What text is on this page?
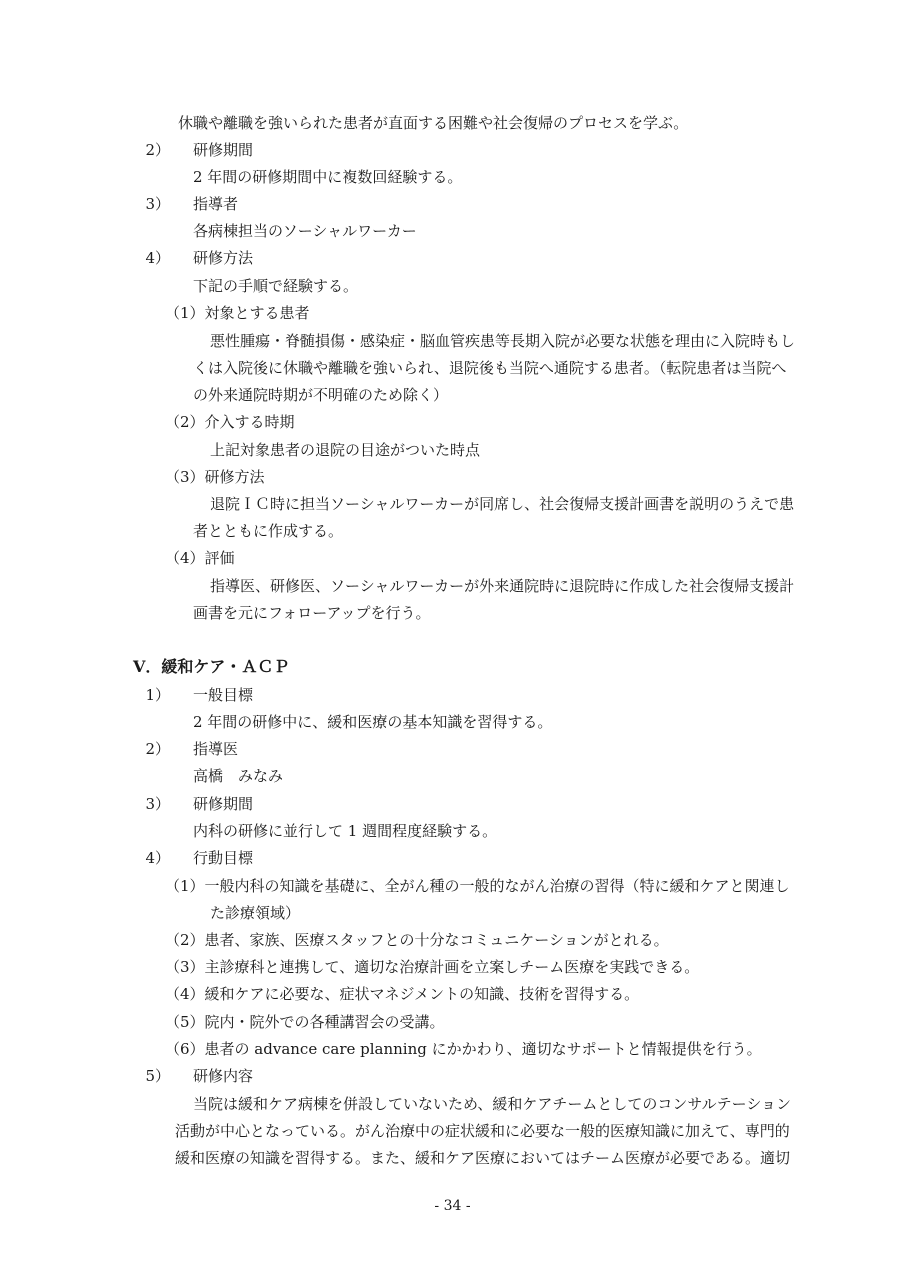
休職や離職を強いられた患者が直面する困難や社会復帰のプロセスを学ぶ。
2） 研修期間
2 年間の研修期間中に複数回経験する。
3） 指導者
各病棟担当のソーシャルワーカー
4） 研修方法
下記の手順で経験する。
（1）対象とする患者
悪性腫瘍・脊髄損傷・感染症・脳血管疾患等長期入院が必要な状態を理由に入院時もし
くは入院後に休職や離職を強いられ、退院後も当院へ通院する患者。（転院患者は当院へ
の外来通院時期が不明確のため除く）
（2）介入する時期
上記対象患者の退院の目途がついた時点
（3）研修方法
退院ＩＣ時に担当ソーシャルワーカーが同席し、社会復帰支援計画書を説明のうえで患
者とともに作成する。
（4）評価
指導医、研修医、ソーシャルワーカーが外来通院時に退院時に作成した社会復帰支援計
画書を元にフォローアップを行う。
V．緩和ケア・ＡＣＰ
1） 一般目標
2 年間の研修中に、緩和医療の基本知識を習得する。
2） 指導医
高橋　みなみ
3） 研修期間
内科の研修に並行して 1 週間程度経験する。
4） 行動目標
（1）一般内科の知識を基礎に、全がん種の一般的ながん治療の習得（特に緩和ケアと関連し
た診療領域）
（2）患者、家族、医療スタッフとの十分なコミュニケーションがとれる。
（3）主診療科と連携して、適切な治療計画を立案しチーム医療を実践できる。
（4）緩和ケアに必要な、症状マネジメントの知識、技術を習得する。
（5）院内・院外での各種講習会の受講。
（6）患者の advance care planning にかかわり、適切なサポートと情報提供を行う。
5） 研修内容
当院は緩和ケア病棟を併設していないため、緩和ケアチームとしてのコンサルテーション
活動が中心となっている。がん治療中の症状緩和に必要な一般的医療知識に加えて、専門的
緩和医療の知識を習得する。また、緩和ケア医療においてはチーム医療が必要である。適切
- 34 -
